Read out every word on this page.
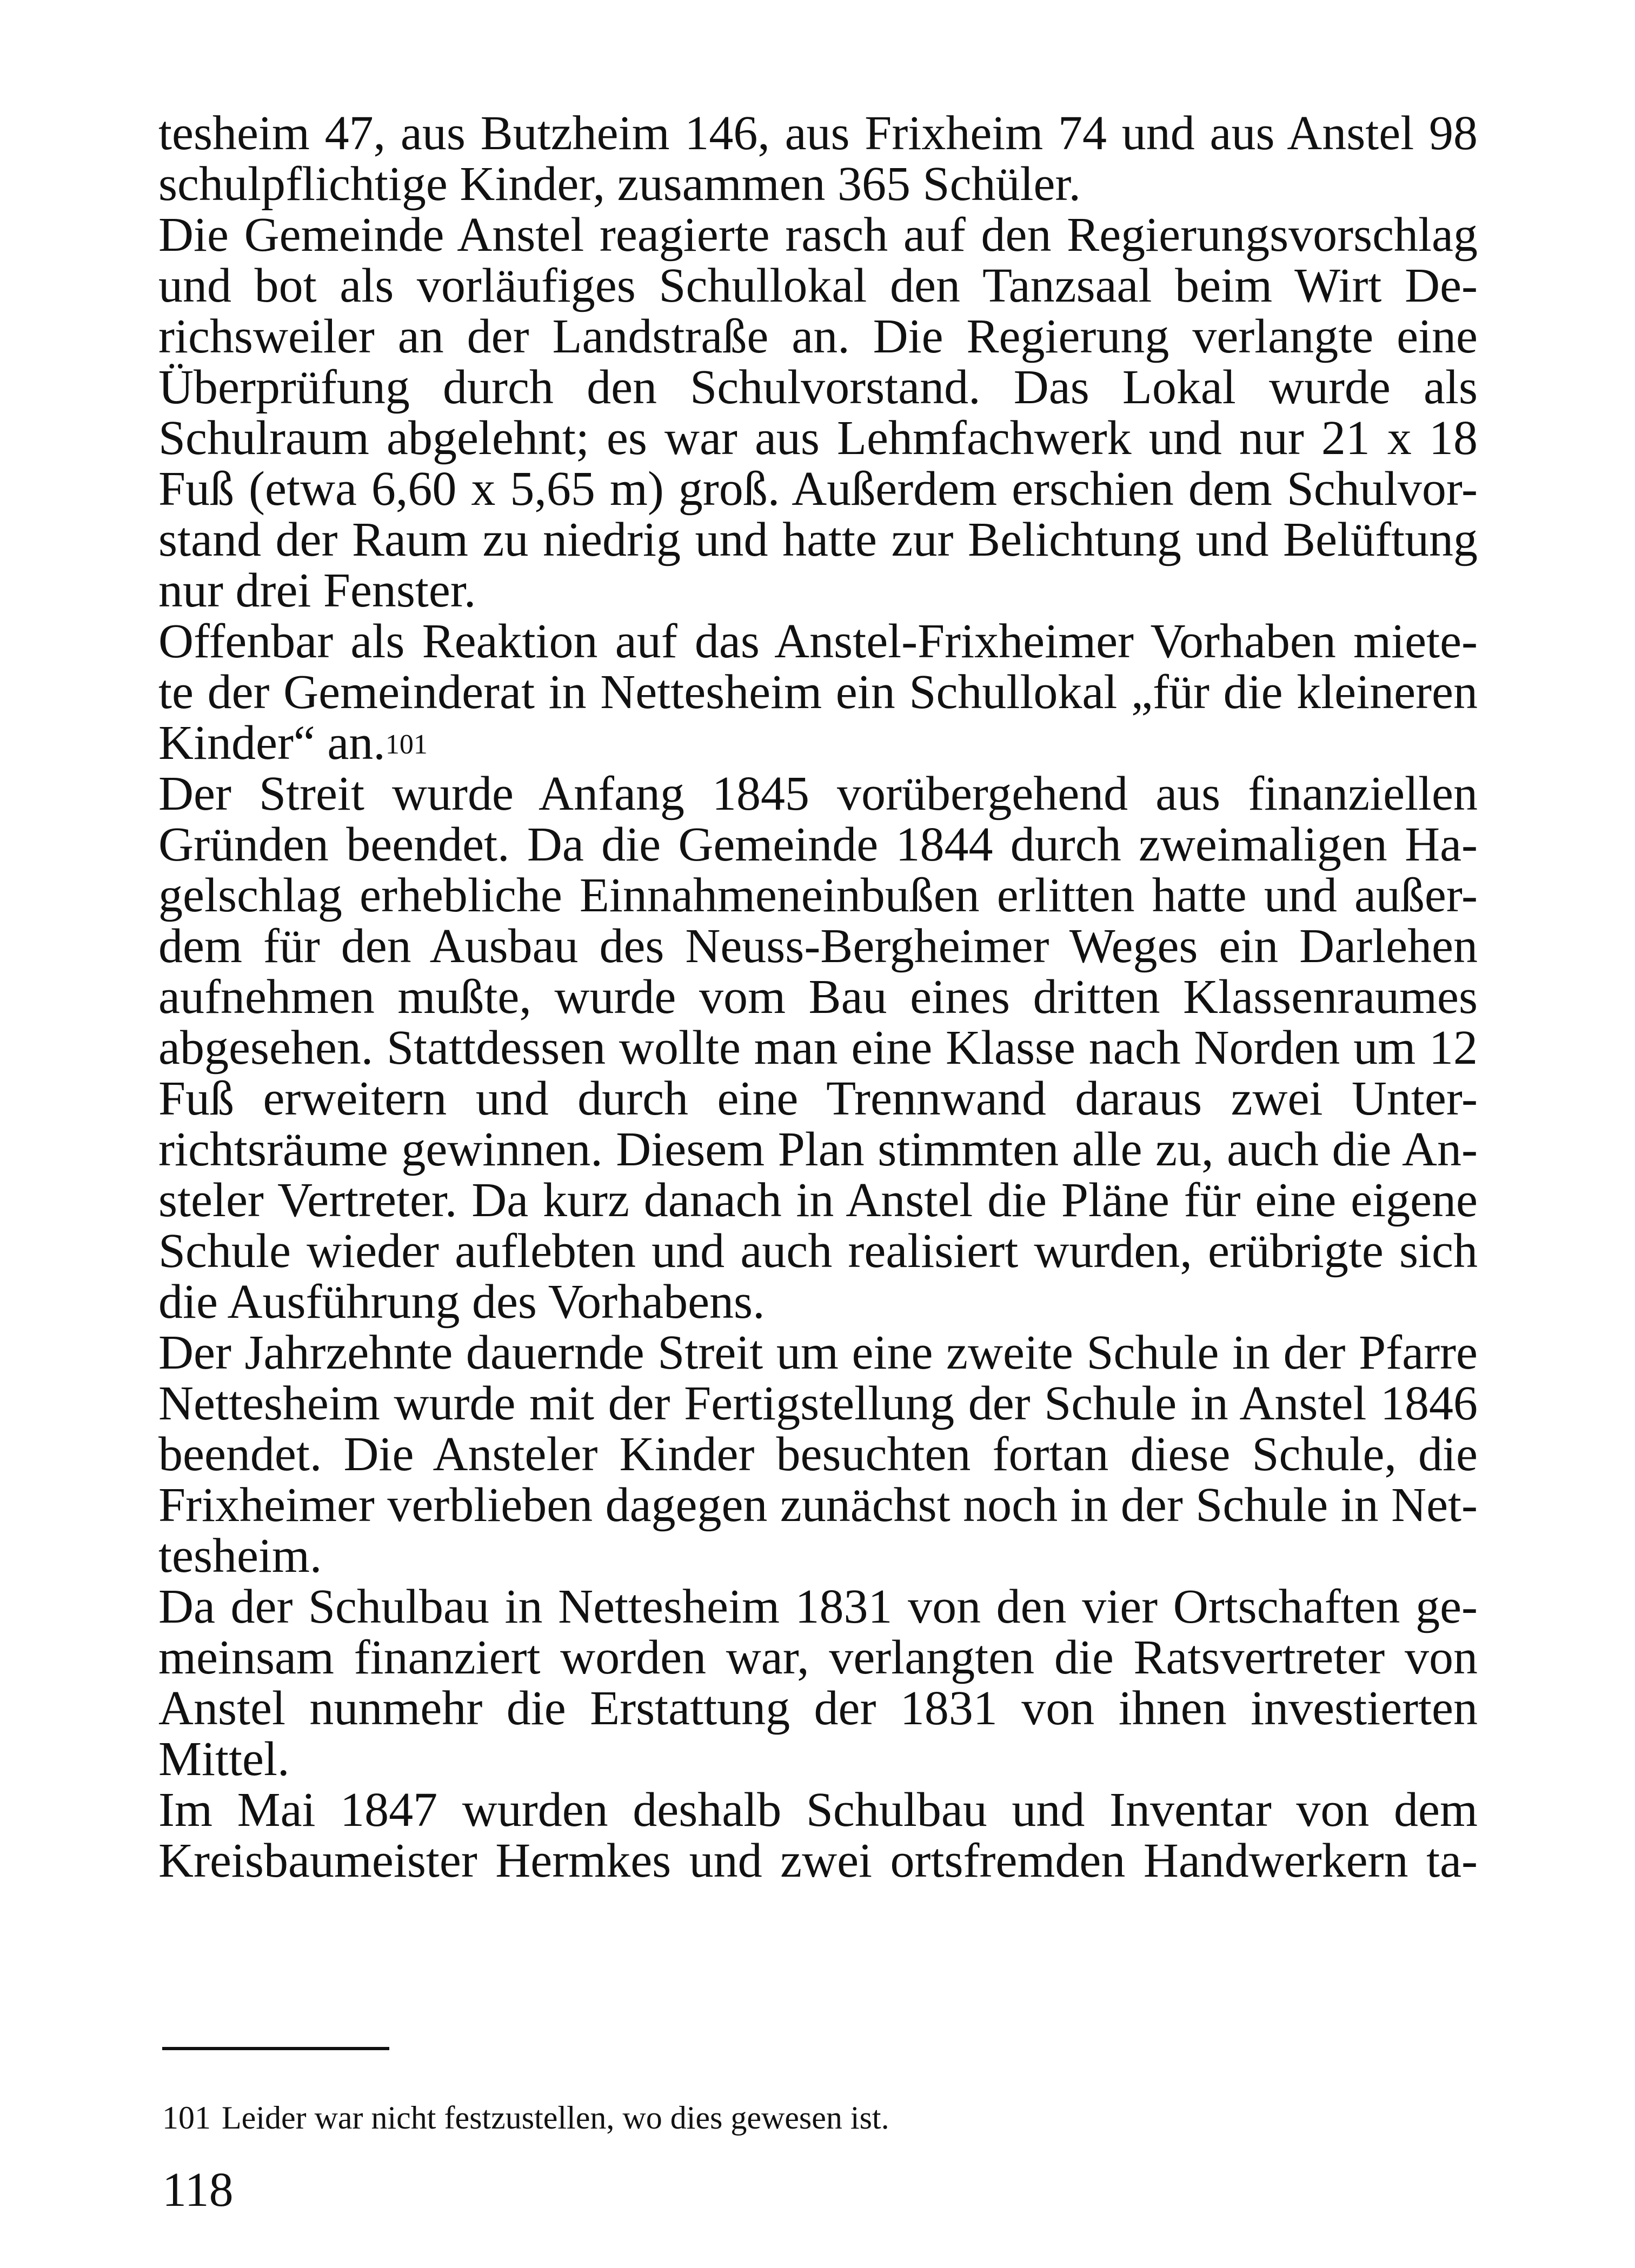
tesheim 47, aus Butzheim 146, aus Frixheim 74 und aus Anstel 98
schulpflichtige Kinder, zusammen 365 Schüler.
Die Gemeinde Anstel reagierte rasch auf den Regierungsvorschlag
und bot als vorläufiges Schullokal den Tanzsaal beim Wirt De-
richsweiler an der Landstraße an. Die Regierung verlangte eine
Überprüfung durch den Schulvorstand. Das Lokal wurde als
Schulraum abgelehnt; es war aus Lehmfachwerk und nur 21 x 18
Fuß (etwa 6,60 x 5,65 m) groß. Außerdem erschien dem Schulvor-
stand der Raum zu niedrig und hatte zur Belichtung und Belüftung
nur drei Fenster.
Offenbar als Reaktion auf das Anstel-Frixheimer Vorhaben miete-
te der Gemeinderat in Nettesheim ein Schullokal „für die kleineren
Kinder“ an.$^{101}$
Der Streit wurde Anfang 1845 vorübergehend aus finanziellen
Gründen beendet. Da die Gemeinde 1844 durch zweimaligen Ha-
gelschlag erhebliche Einnahmeneinbußen erlitten hatte und außer-
dem für den Ausbau des Neuss-Bergheimer Weges ein Darlehen
aufnehmen mußte, wurde vom Bau eines dritten Klassenraumes
abgesehen. Stattdessen wollte man eine Klasse nach Norden um 12
Fuß erweitern und durch eine Trennwand daraus zwei Unter-
richtsräume gewinnen. Diesem Plan stimmten alle zu, auch die An-
steler Vertreter. Da kurz danach in Anstel die Pläne für eine eigene
Schule wieder auflebten und auch realisiert wurden, erübrigte sich
die Ausführung des Vorhabens.
Der Jahrzehnte dauernde Streit um eine zweite Schule in der Pfarre
Nettesheim wurde mit der Fertigstellung der Schule in Anstel 1846
beendet. Die Ansteler Kinder besuchten fortan diese Schule, die
Frixheimer verblieben dagegen zunächst noch in der Schule in Net-
tesheim.
Da der Schulbau in Nettesheim 1831 von den vier Ortschaften ge-
meinsam finanziert worden war, verlangten die Ratsvertreter von
Anstel nunmehr die Erstattung der 1831 von ihnen investierten
Mittel.
Im Mai 1847 wurden deshalb Schulbau und Inventar von dem
Kreisbaumeister Hermkes und zwei ortsfremden Handwerkern ta-
101 Leider war nicht festzustellen, wo dies gewesen ist.
118
